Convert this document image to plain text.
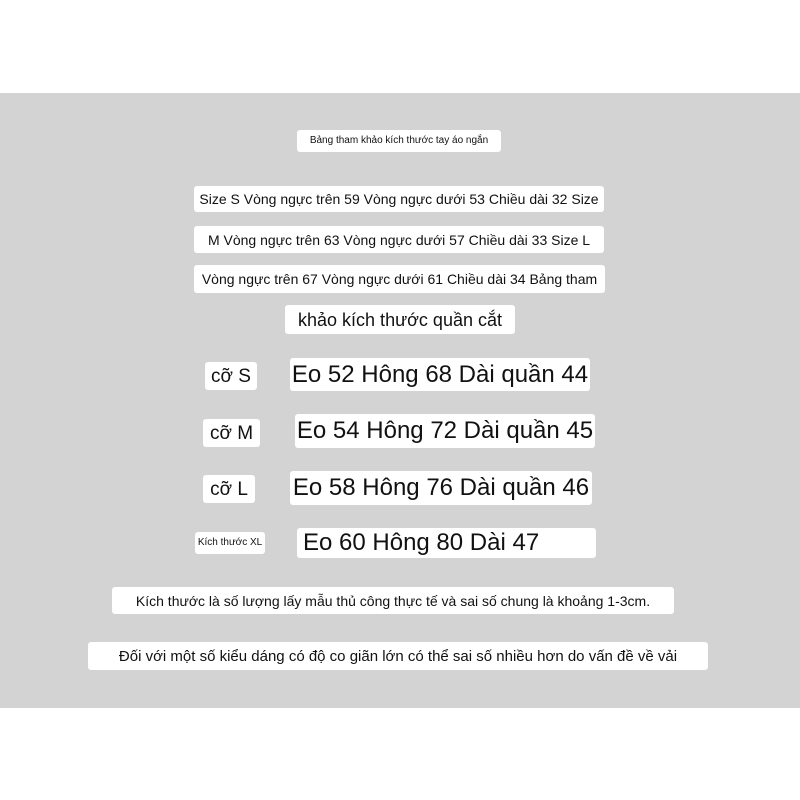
Bảng tham khảo kích thước tay áo ngắn
Size S Vòng ngực trên 59 Vòng ngực dưới 53 Chiều dài 32 Size
M Vòng ngực trên 63 Vòng ngực dưới 57 Chiều dài 33 Size L
Vòng ngực trên 67 Vòng ngực dưới 61 Chiều dài 34 Bảng tham
khảo kích thước quần cắt
cỡ S Eo 52 Hông 68 Dài quần 44
cỡ M Eo 54 Hông 72 Dài quần 45
cỡ L Eo 58 Hông 76 Dài quần 46
Kích thước XL Eo 60 Hông 80 Dài 47
Kích thước là số lượng lấy mẫu thủ công thực tế và sai số chung là khoảng 1-3cm.
Đối với một số kiểu dáng có độ co giãn lớn có thể sai số nhiều hơn do vấn đề về vải
